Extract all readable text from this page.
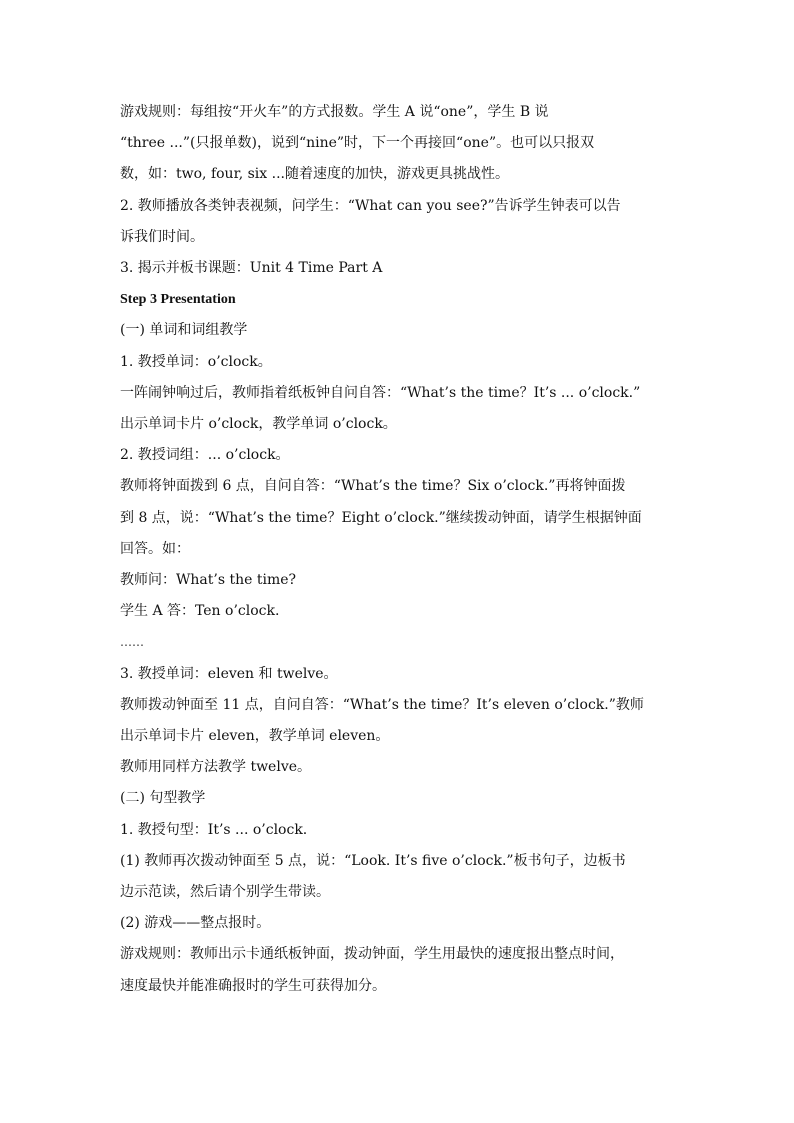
游戏规则：每组按“开火车”的方式报数。学生 A 说“one”，学生 B 说

“three ...”(只报单数)，说到“nine”时，下一个再接回“one”。也可以只报双

数，如：two, four, six ...随着速度的加快，游戏更具挑战性。

2. 教师播放各类钟表视频，问学生：“What can you see?”告诉学生钟表可以告

诉我们时间。

3. 揭示并板书课题：Unit 4 Time Part A

Step 3 Presentation

(一) 单词和词组教学

1. 教授单词：o’clock。

一阵闹钟响过后，教师指着纸板钟自问自答：“What’s the time？It’s ... o’clock.”

出示单词卡片 o’clock，教学单词 o’clock。

2. 教授词组：... o’clock。

教师将钟面拨到 6 点，自问自答：“What’s the time？Six o’clock.”再将钟面拨

到 8 点，说：“What’s the time？Eight o’clock.”继续拨动钟面，请学生根据钟面

回答。如：

教师问：What’s the time?

学生 A 答：Ten o’clock.

……

3. 教授单词：eleven 和 twelve。

教师拨动钟面至 11 点，自问自答：“What’s the time？It’s eleven o’clock.”教师

出示单词卡片 eleven，教学单词 eleven。

教师用同样方法教学 twelve。

(二) 句型教学

1. 教授句型：It’s ... o’clock.

(1) 教师再次拨动钟面至 5 点，说：“Look. It’s five o’clock.”板书句子，边板书

边示范读，然后请个别学生带读。

(2) 游戏——整点报时。

游戏规则：教师出示卡通纸板钟面，拨动钟面，学生用最快的速度报出整点时间，

速度最快并能准确报时的学生可获得加分。
